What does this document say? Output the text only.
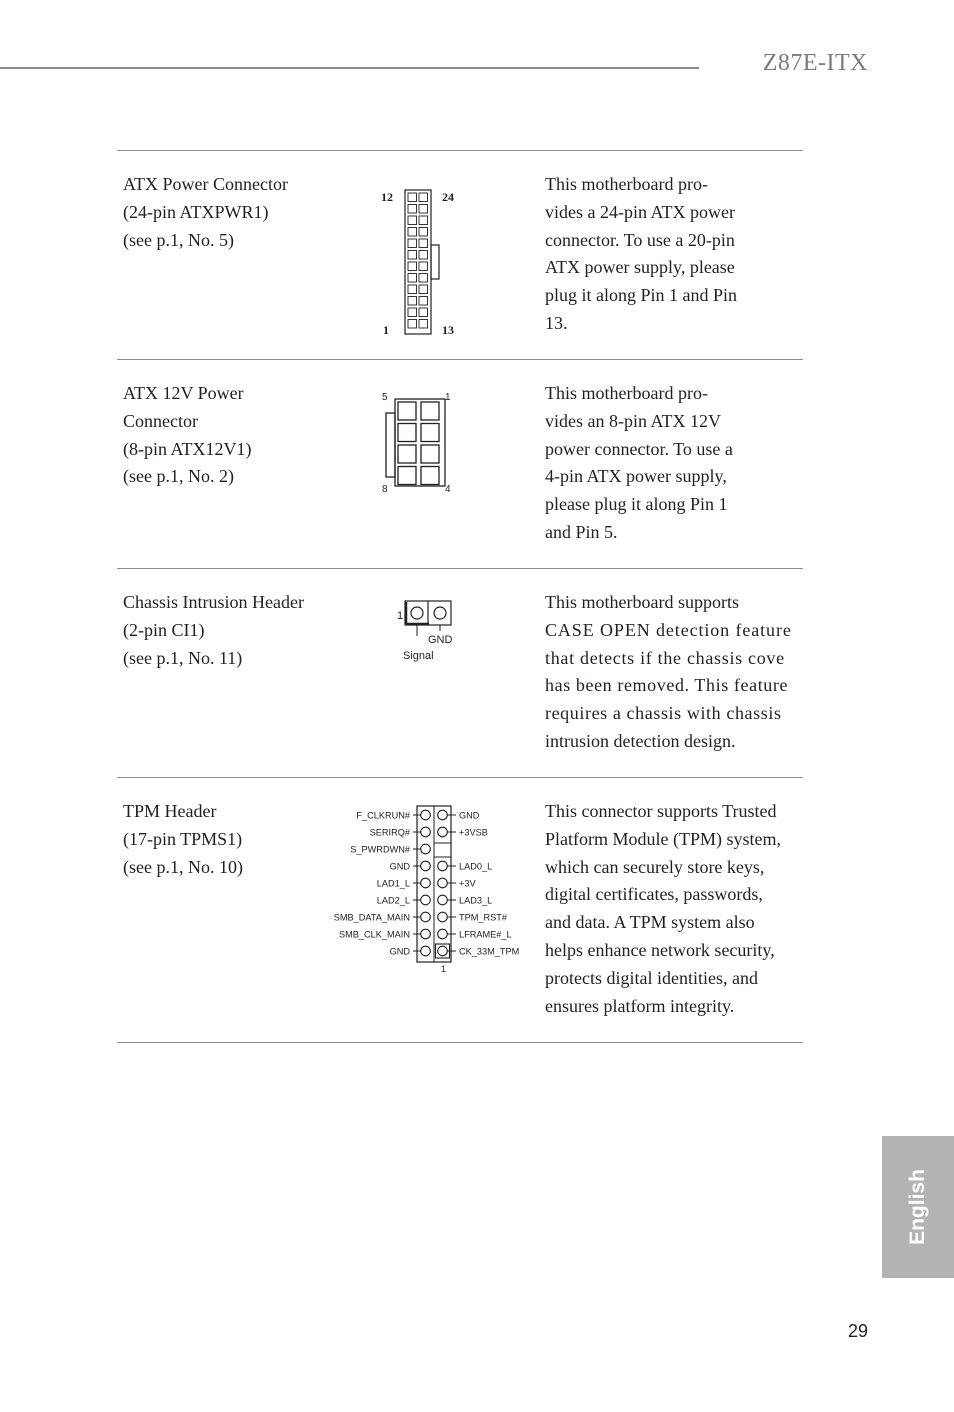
Z87E-ITX
ATX Power Connector
(24-pin ATXPWR1)
(see p.1, No. 5)
12	24
1	13
This motherboard pro-
vides a 24-pin ATX power
connector. To use a 20-pin
ATX power supply, please
plug it along Pin 1 and Pin
13.
ATX 12V Power
Connector
(8-pin ATX12V1)
(see p.1, No. 2)
5	1
8	4
This motherboard pro-
vides an 8-pin ATX 12V
power connector. To use a
4-pin ATX power supply,
please plug it along Pin 1
and Pin 5.
Chassis Intrusion Header
(2-pin CI1)
(see p.1, No. 11)
1
GND
Signal
This motherboard supports
CASE OPEN detection feature
that detects if the chassis cove
has been removed. This feature
requires a chassis with chassis
intrusion detection design.
TPM Header
(17-pin TPMS1)
(see p.1, No. 10)
F_CLKRUN#
SERIRQ#
S_PWRDWN#
GND
LAD1_L
LAD2_L
SMB_DATA_MAIN
SMB_CLK_MAIN
GND
GND
+3VSB
LAD0_L
+3V
LAD3_L
TPM_RST#
LFRAME#_L
CK_33M_TPM
1
This connector supports Trusted
Platform Module (TPM) system,
which can securely store keys,
digital certificates, passwords,
and data. A TPM system also
helps enhance network security,
protects digital identities, and
ensures platform integrity.
English
29
